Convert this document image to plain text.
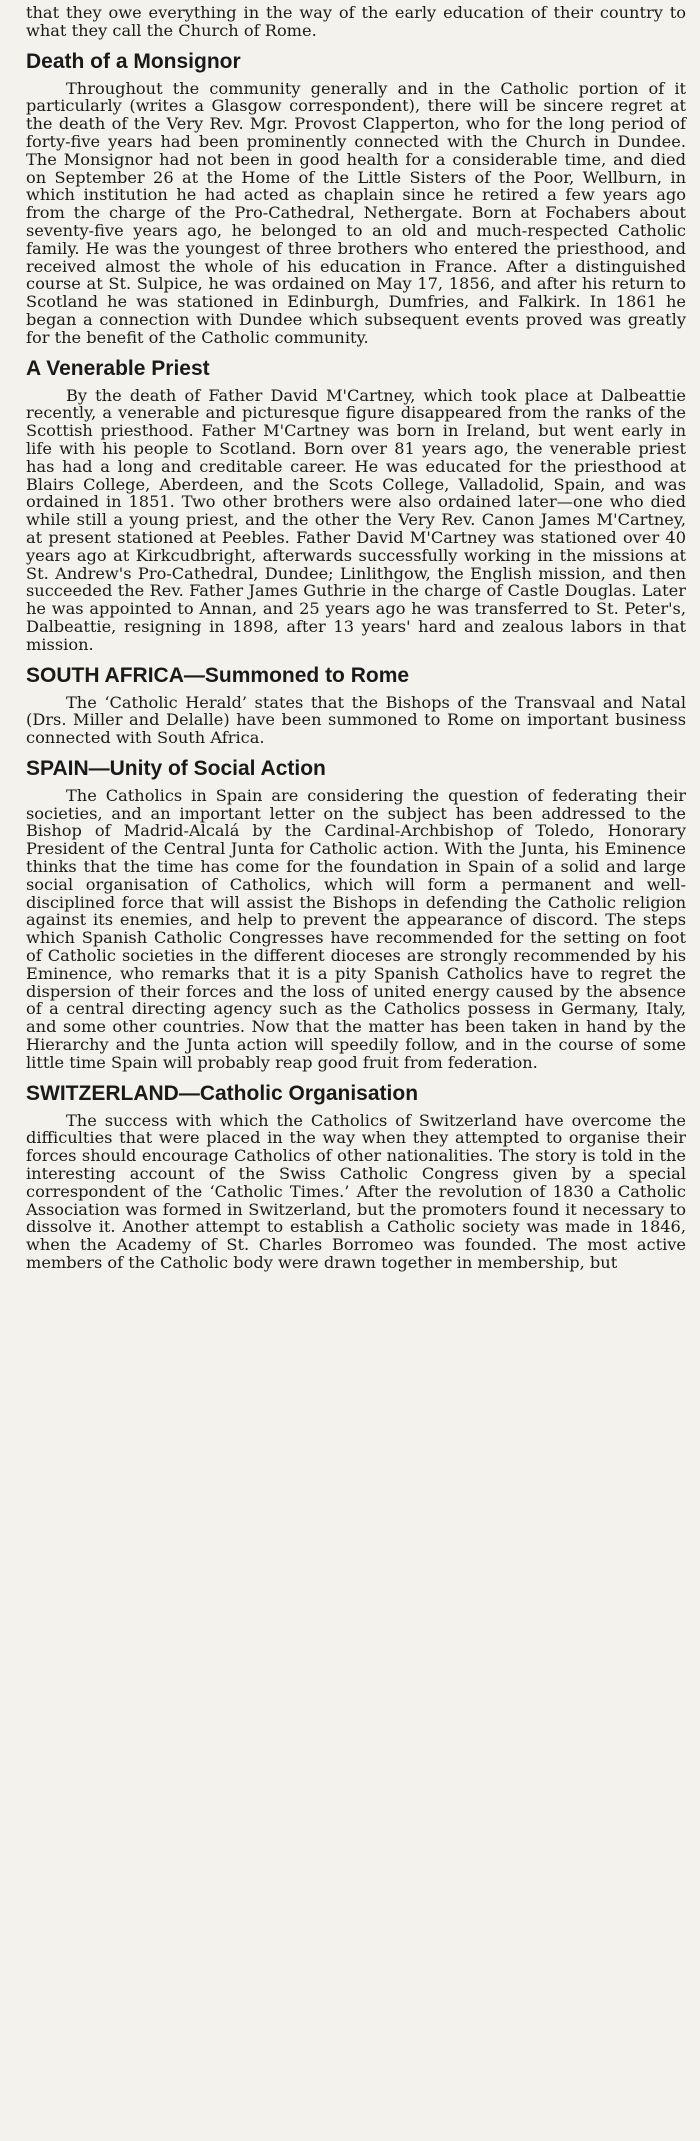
that they owe everything in the way of the early education of their country to what they call the Church of Rome.

Death of a Monsignor

Throughout the community generally and in the Catholic portion of it particularly (writes a Glasgow correspondent), there will be sincere regret at the death of the Very Rev. Mgr. Provost Clapperton, who for the long period of forty-five years had been prominently connected with the Church in Dundee. The Monsignor had not been in good health for a considerable time, and died on September 26 at the Home of the Little Sisters of the Poor, Wellburn, in which institution he had acted as chaplain since he retired a few years ago from the charge of the Pro-Cathedral, Nethergate. Born at Fochabers about seventy-five years ago, he belonged to an old and much-respected Catholic family. He was the youngest of three brothers who entered the priesthood, and received almost the whole of his education in France. After a distinguished course at St. Sulpice, he was ordained on May 17, 1856, and after his return to Scotland he was stationed in Edinburgh, Dumfries, and Falkirk. In 1861 he began a connection with Dundee which subsequent events proved was greatly for the benefit of the Catholic community.

A Venerable Priest

By the death of Father David M'Cartney, which took place at Dalbeattie recently, a venerable and picturesque figure disappeared from the ranks of the Scottish priesthood. Father M'Cartney was born in Ireland, but went early in life with his people to Scotland. Born over 81 years ago, the venerable priest has had a long and creditable career. He was educated for the priesthood at Blairs College, Aberdeen, and the Scots College, Valladolid, Spain, and was ordained in 1851. Two other brothers were also ordained later—one who died while still a young priest, and the other the Very Rev. Canon James M'Cartney, at present stationed at Peebles. Father David M'Cartney was stationed over 40 years ago at Kirkcudbright, afterwards successfully working in the missions at St. Andrew's Pro-Cathedral, Dundee; Linlithgow, the English mission, and then succeeded the Rev. Father James Guthrie in the charge of Castle Douglas. Later he was appointed to Annan, and 25 years ago he was transferred to St. Peter's, Dalbeattie, resigning in 1898, after 13 years' hard and zealous labors in that mission.

SOUTH AFRICA—Summoned to Rome

The ‘Catholic Herald’ states that the Bishops of the Transvaal and Natal (Drs. Miller and Delalle) have been summoned to Rome on important business connected with South Africa.

SPAIN—Unity of Social Action

The Catholics in Spain are considering the question of federating their societies, and an important letter on the subject has been addressed to the Bishop of Madrid-Alcalá by the Cardinal-Archbishop of Toledo, Honorary President of the Central Junta for Catholic action. With the Junta, his Eminence thinks that the time has come for the foundation in Spain of a solid and large social organisation of Catholics, which will form a permanent and well-disciplined force that will assist the Bishops in defending the Catholic religion against its enemies, and help to prevent the appearance of discord. The steps which Spanish Catholic Congresses have recommended for the setting on foot of Catholic societies in the different dioceses are strongly recommended by his Eminence, who remarks that it is a pity Spanish Catholics have to regret the dispersion of their forces and the loss of united energy caused by the absence of a central directing agency such as the Catholics possess in Germany, Italy, and some other countries. Now that the matter has been taken in hand by the Hierarchy and the Junta action will speedily follow, and in the course of some little time Spain will probably reap good fruit from federation.

SWITZERLAND—Catholic Organisation

The success with which the Catholics of Switzerland have overcome the difficulties that were placed in the way when they attempted to organise their forces should encourage Catholics of other nationalities. The story is told in the interesting account of the Swiss Catholic Congress given by a special correspondent of the ‘Catholic Times.’ After the revolution of 1830 a Catholic Association was formed in Switzerland, but the promoters found it necessary to dissolve it. Another attempt to establish a Catholic society was made in 1846, when the Academy of St. Charles Borromeo was founded. The most active members of the Catholic body were drawn together in membership, but
